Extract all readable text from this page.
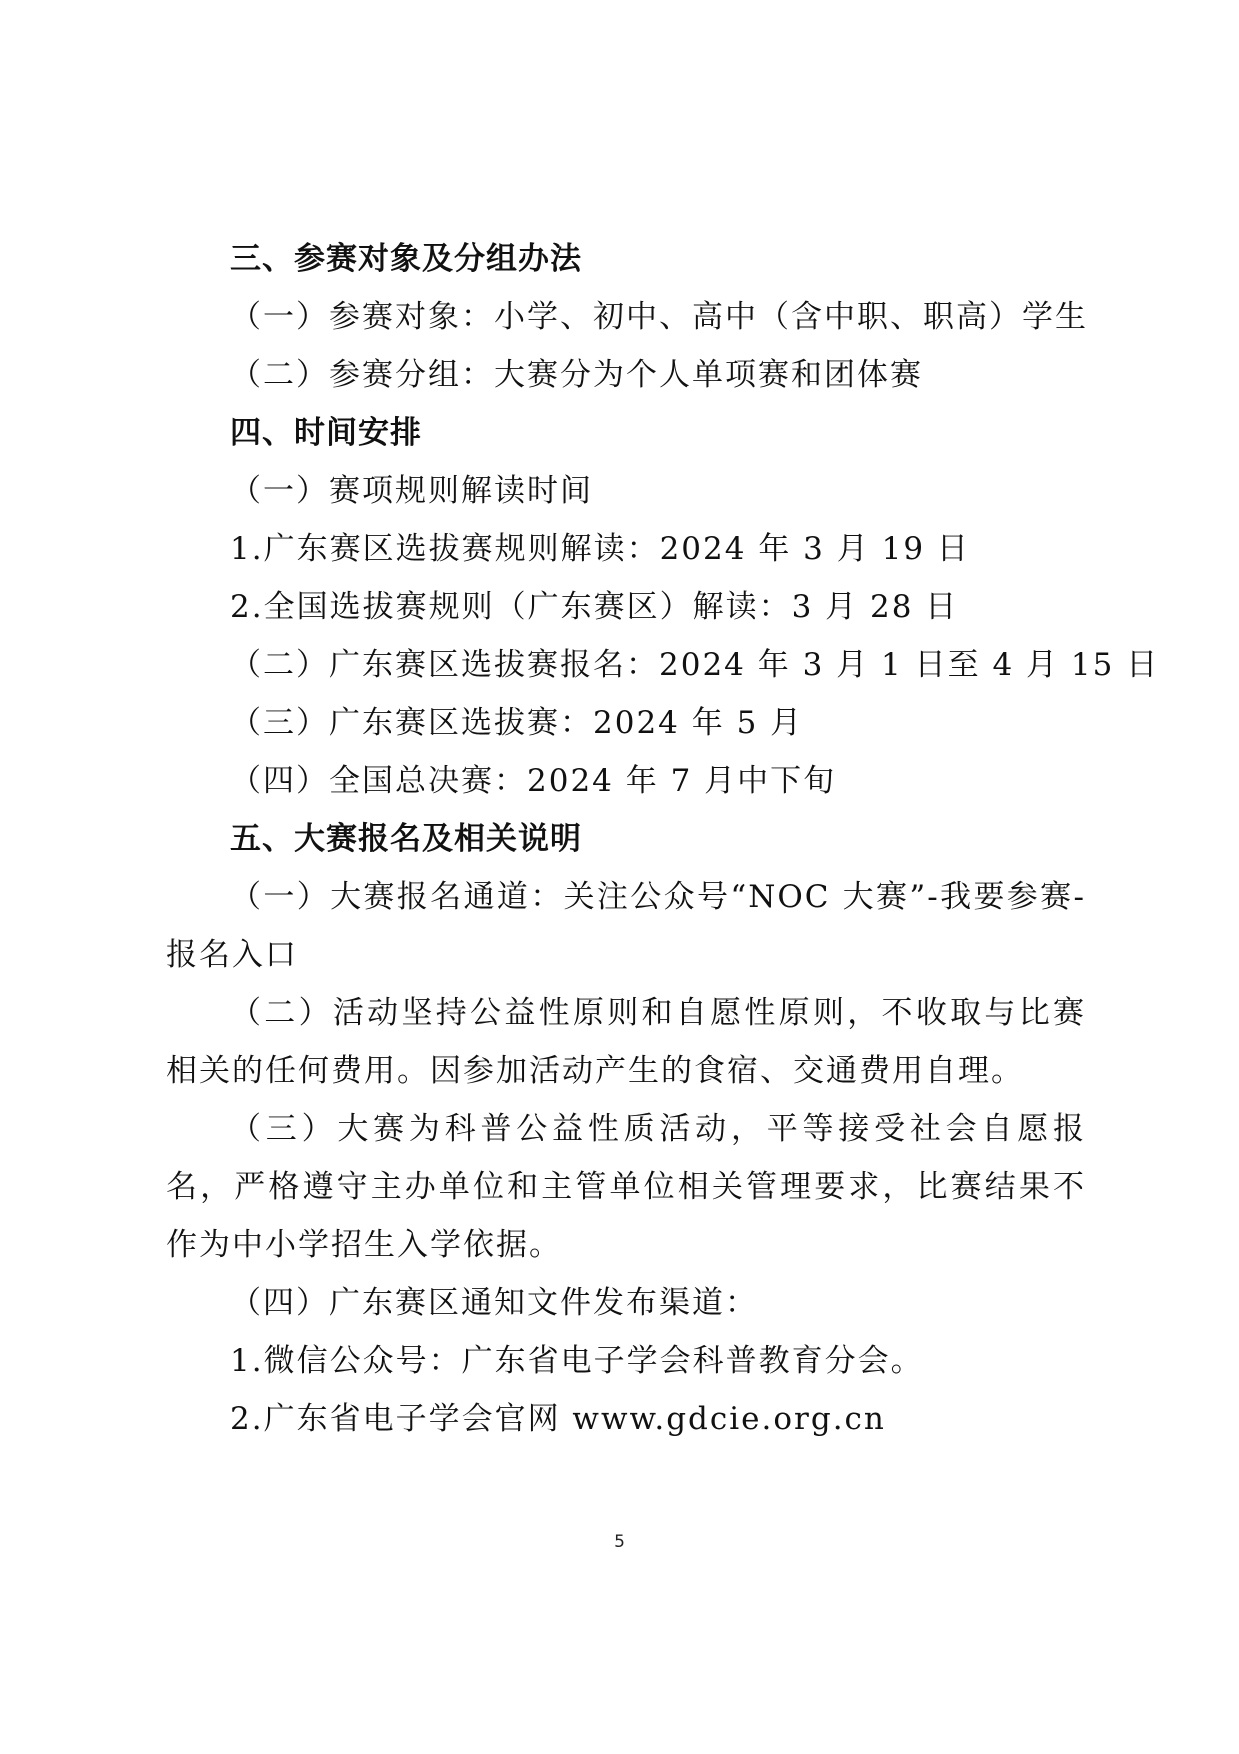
三、参赛对象及分组办法

（一）参赛对象：小学、初中、高中（含中职、职高）学生

（二）参赛分组：大赛分为个人单项赛和团体赛

四、时间安排

（一）赛项规则解读时间

1.广东赛区选拔赛规则解读：2024 年 3 月 19 日

2.全国选拔赛规则（广东赛区）解读：3 月 28 日

（二）广东赛区选拔赛报名：2024 年 3 月 1 日至 4 月 15 日

（三）广东赛区选拔赛：2024 年 5 月

（四）全国总决赛：2024 年 7 月中下旬

五、大赛报名及相关说明

（一）大赛报名通道：关注公众号“NOC 大赛”-我要参赛-报名入口

（二）活动坚持公益性原则和自愿性原则，不收取与比赛相关的任何费用。因参加活动产生的食宿、交通费用自理。

（三）大赛为科普公益性质活动，平等接受社会自愿报名，严格遵守主办单位和主管单位相关管理要求，比赛结果不作为中小学招生入学依据。

（四）广东赛区通知文件发布渠道：

1.微信公众号：广东省电子学会科普教育分会。

2.广东省电子学会官网 www.gdcie.org.cn

5
